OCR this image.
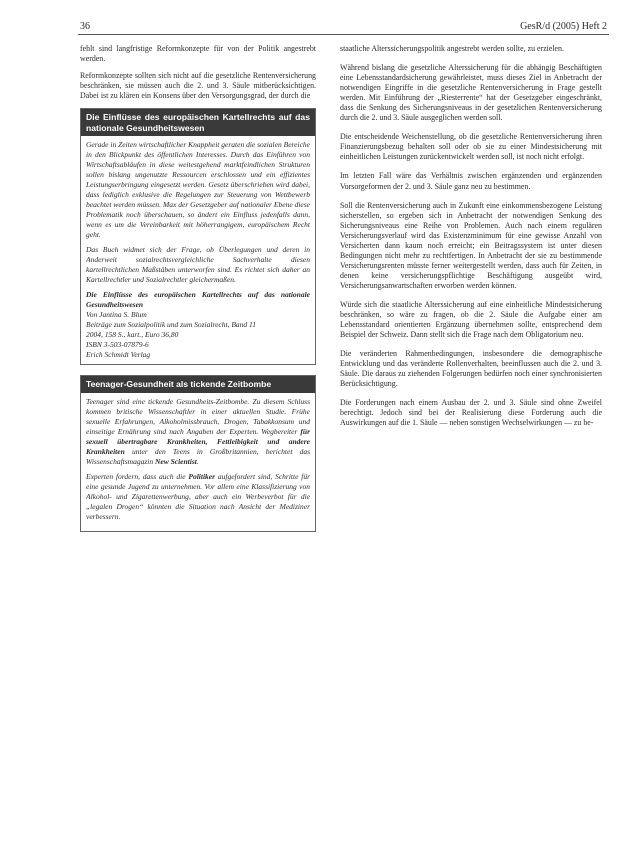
36	GesR/d (2005) Heft 2

fehlt sind langfristige Reformkonzepte für von der Politik angestrebt werden.

Reformkonzepte sollten sich nicht auf die gesetzliche Rentenversicherung beschränken, sie müssen auch die 2. und 3. Säule mitberücksichtigen. Dabei ist zu klären ein Konsens über den Versorgungsgrad, der durch die

Die Einflüsse des europäischen Kartellrechts auf das nationale Gesundheitswesen

Gerade in Zeiten wirtschaftlicher Knappheit geraten die sozialen Bereiche in den Blickpunkt des öffentlichen Interesses. Durch das Einführen von Wirtschaftsabläufen in diese weitestgehend marktfeindlichen Strukturen sollen bislang ungenutzte Ressourcen erschlossen und ein effizientes Leistungserbringung eingesetzt werden. Gesetz überschrieben wird dabei, dass lediglich exklusive die Regelungen zur Steuerung von Wettbewerb beachtet werden müssen. Max der Gesetzgeber auf nationaler Ebene diese Problematik noch überschauen, so ändert ein Einfluss jedenfalls dann, wenn es um die Vereinbarkeit mit höherrangigem, europäischem Recht geht.

Das Buch widmet sich der Frage, ob Überlegungen und deren in Anderweit sozialrechtsvergleichliche Sachverhalte diesen kartellrechtlichen Maßstäben unterworfen sind. Es richtet sich daher an Kartellrechtler und Sozialrechtler gleichermaßen.

Die Einflüsse des europäischen Kartellrechts auf das nationale Gesundheitswesen
Von Jantina S. Blum
Beiträge zum Sozialpolitik und zum Sozialrecht, Band 11
2004, 158 S., kart., Euro 36,80
ISBN 3-503-07879-6
Erich Schmidt Verlag
Teenager-Gesundheit als tickende Zeitbombe

Teenager sind eine tickende Gesundheits-Zeitbombe. Zu diesem Schluss kommen britische Wissenschaftler in einer aktuellen Studie. Frühe sexuelle Erfahrungen, Alkoholmissbrauch, Drogen, Tabakkonsum und einseitige Ernährung sind nach Angaben der Experten. Wegbereiter für sexuell übertragbare Krankheiten, Fettleibigkeit und andere Krankheiten unter den Teens in Großbritannien, berichtet das Wissenschaftsmagazin New Scientist.

Experten fordern, dass auch die Politiker aufgefordert sind, Schritte für eine gesunde Jugend zu unternehmen. Vor allem eine Klassifizierung von Alkohol- und Zigarettenwerbung, aber auch ein Werbeverbot für die „legalen Drogen“ könnten die Situation nach Ansicht der Mediziner verbessern.

staatliche Alterssicherungspolitik angestrebt werden sollte, zu erzielen.

Während bislang die gesetzliche Alterssicherung für die abhängig Beschäftigten eine Lebensstandardsicherung gewährleistet, muss dieses Ziel in Anbetracht der notwendigen Eingriffe in die gesetzliche Rentenversicherung in Frage gestellt werden. Mit Einführung der „Riesterrente“ hat der Gesetzgeber eingeschränkt, dass die Senkung des Sicherungsniveaus in der gesetzlichen Rentenversicherung durch die 2. und 3. Säule ausgeglichen werden soll.

Die entscheidende Weichenstellung, ob die gesetzliche Rentenversicherung ihren Finanzierungsbezug behalten soll oder ob sie zu einer Mindestsicherung mit einheitlichen Leistungen zurückentwickelt werden soll, ist noch nicht erfolgt.

Im letzten Fall wäre das Verhältnis zwischen ergänzenden und ergänzenden Vorsorgeformen der 2. und 3. Säule ganz neu zu bestimmen.

Soll die Rentenversicherung auch in Zukunft eine einkommensbezogene Leistung sicherstellen, so ergeben sich in Anbetracht der notwendigen Senkung des Sicherungsniveaus eine Reihe von Problemen. Auch nach einem regulären Versicherungsverlauf wird das Existenzminimum für eine gewisse Anzahl von Versicherten dann kaum noch erreicht; ein Beitragssystem ist unter diesen Bedingungen nicht mehr zu rechtfertigen. In Anbetracht der sie zu bestimmende Versicherungsrenten müsste ferner weitergestellt werden, dass auch für Zeiten, in denen keine versicherungspflichtige Beschäftigung ausgeübt wird, Versicherungsanwartschaften erworben werden können.

Würde sich die staatliche Alterssicherung auf eine einheitliche Mindestsicherung beschränken, so wäre zu fragen, ob die 2. Säule die Aufgabe einer am Lebensstandard orientierten Ergänzung übernehmen sollte, entsprechend dem Beispiel der Schweiz. Dann stellt sich die Frage nach dem Obligatorium neu.

Die veränderten Rahmenbedingungen, insbesondere die demographische Entwicklung und das veränderte Rollenverhalten, beeinflussen auch die 2. und 3. Säule. Die daraus zu ziehenden Folgerungen bedürfen noch einer synchronisierten Berücksichtigung.

Die Forderungen nach einem Ausbau der 2. und 3. Säule sind ohne Zweifel berechtigt. Jedoch sind bei der Realisierung diese Forderung auch die Auswirkungen auf die 1. Säule — neben sonstigen Wechselwirkungen — zu be-
